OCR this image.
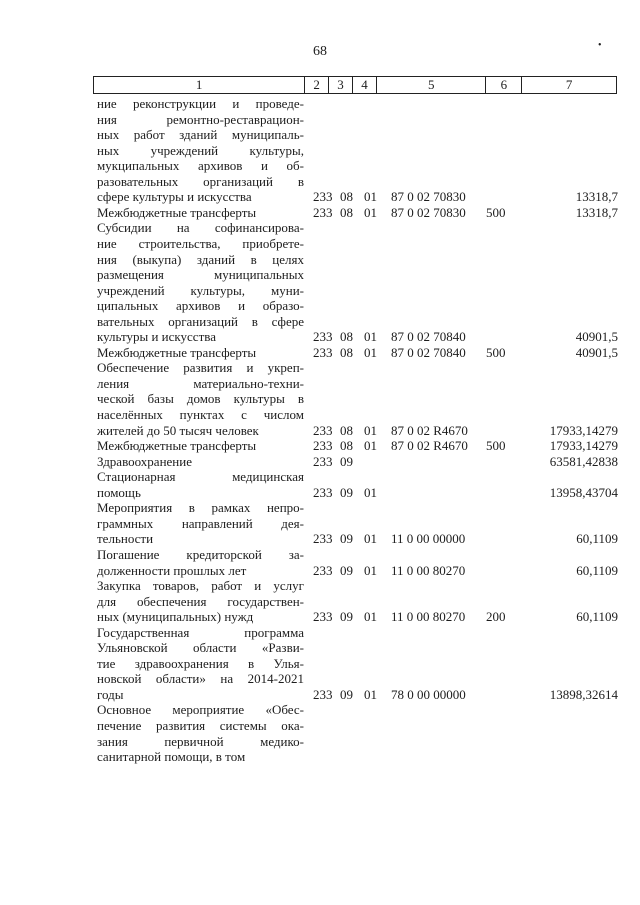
68	•
1	2	3	4	5	6	7
ние реконструкции и проведе-
ния ремонтно-реставрацион-
ных работ зданий муниципаль-
ных учреждений культуры,
мукципальных архивов и об-
разовательных организаций в
сфере культуры и искусства	233 08 01 87 0 02 70830	13318,7
Межбюджетные трансферты	233 08 01 87 0 02 70830 500	13318,7
Субсидии на софинансирова-
ние строительства, приобрете-
ния (выкупа) зданий в целях
размещения муниципальных
учреждений культуры, муни-
ципальных архивов и образо-
вательных организаций в сфере
культуры и искусства	233 08 01 87 0 02 70840	40901,5
Межбюджетные трансферты	233 08 01 87 0 02 70840 500	40901,5
Обеспечение развития и укреп-
ления материально-техни-
ческой базы домов культуры в
населённых пунктах с числом
жителей до 50 тысяч человек	233 08 01 87 0 02 R4670	17933,14279
Межбюджетные трансферты	233 08 01 87 0 02 R4670 500	17933,14279
Здравоохранение	233 09	63581,42838
Стационарная медицинская
помощь	233 09 01	13958,43704
Мероприятия в рамках непро-
граммных направлений дея-
тельности	233 09 01 11 0 00 00000	60,1109
Погашение кредиторской за-
долженности прошлых лет	233 09 01 11 0 00 80270	60,1109
Закупка товаров, работ и услуг
для обеспечения государствен-
ных (муниципальных) нужд	233 09 01 11 0 00 80270 200	60,1109
Государственная программа
Ульяновской области «Разви-
тие здравоохранения в Улья-
новской области» на 2014-2021
годы	233 09 01 78 0 00 00000	13898,32614
Основное мероприятие «Обес-
печение развития системы ока-
зания первичной медико-
санитарной помощи, в том
